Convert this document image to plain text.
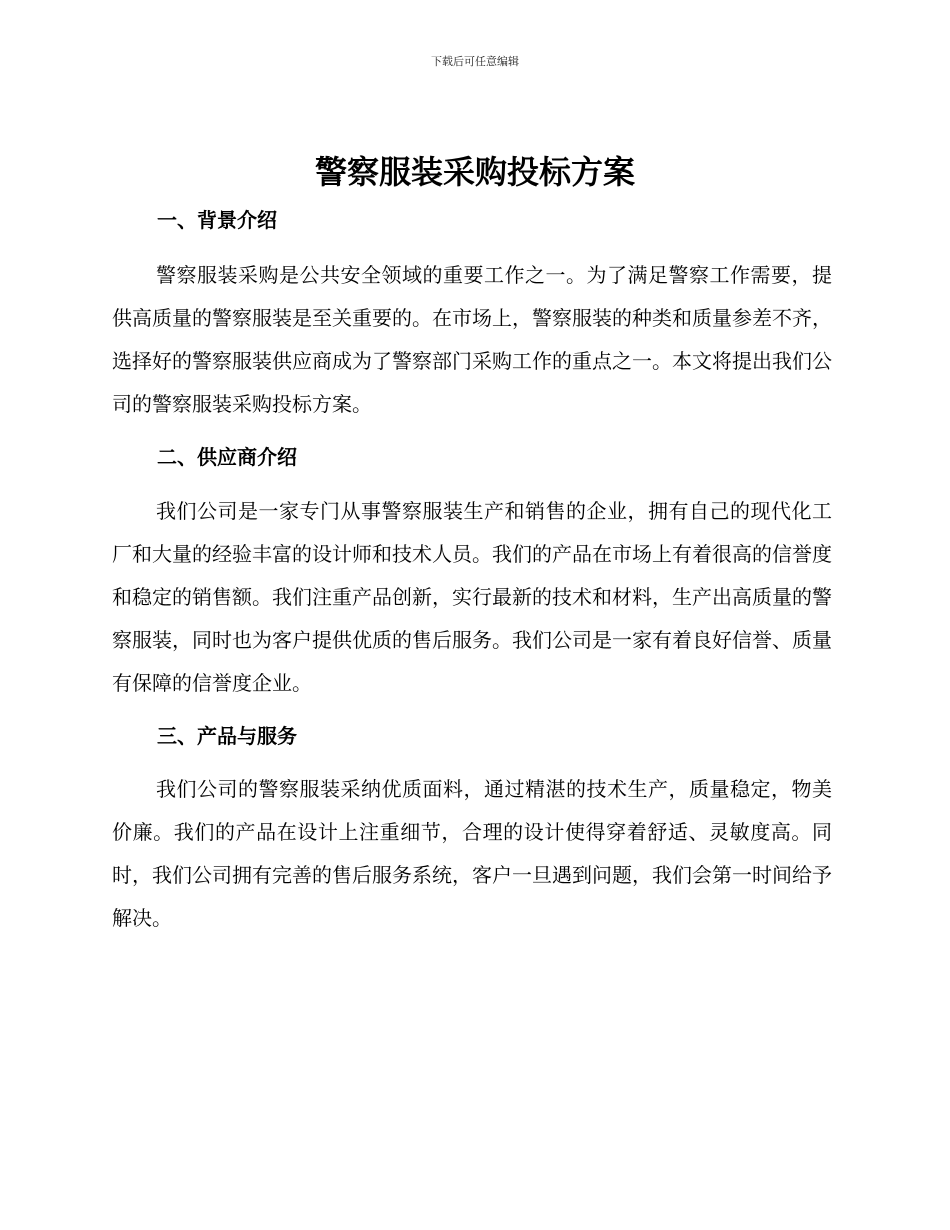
下载后可任意编辑
警察服装采购投标方案
一、背景介绍

警察服装采购是公共安全领域的重要工作之一。为了满足警察工作需要，提供高质量的警察服装是至关重要的。在市场上，警察服装的种类和质量参差不齐，选择好的警察服装供应商成为了警察部门采购工作的重点之一。本文将提出我们公司的警察服装采购投标方案。

二、供应商介绍

我们公司是一家专门从事警察服装生产和销售的企业，拥有自己的现代化工厂和大量的经验丰富的设计师和技术人员。我们的产品在市场上有着很高的信誉度和稳定的销售额。我们注重产品创新，实行最新的技术和材料，生产出高质量的警察服装，同时也为客户提供优质的售后服务。我们公司是一家有着良好信誉、质量有保障的信誉度企业。

三、产品与服务

我们公司的警察服装采纳优质面料，通过精湛的技术生产，质量稳定，物美价廉。我们的产品在设计上注重细节，合理的设计使得穿着舒适、灵敏度高。同时，我们公司拥有完善的售后服务系统，客户一旦遇到问题，我们会第一时间给予解决。
